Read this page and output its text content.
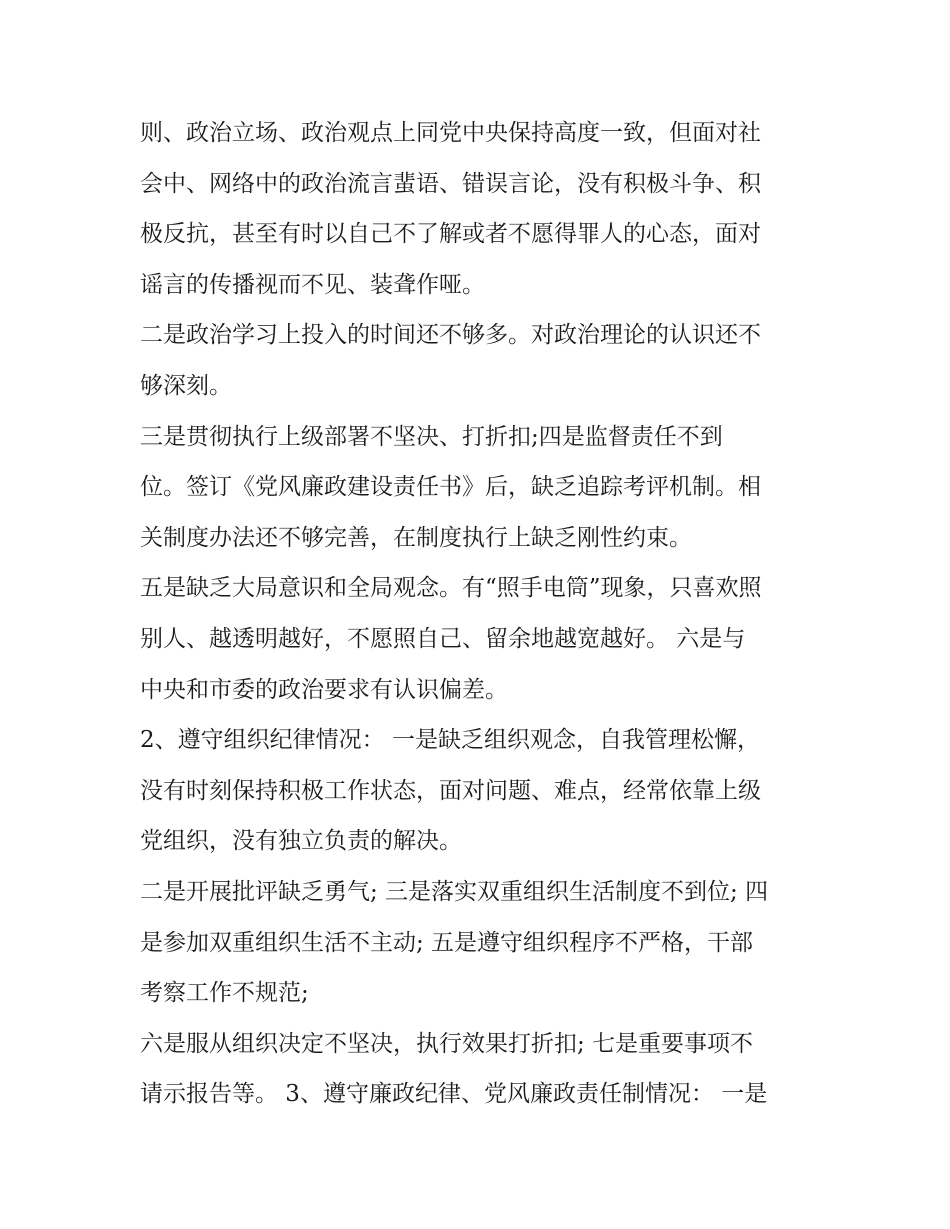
则、政治立场、政治观点上同党中央保持高度一致，但面对社
会中、网络中的政治流言蜚语、错误言论，没有积极斗争、积
极反抗，甚至有时以自己不了解或者不愿得罪人的心态，面对
谣言的传播视而不见、装聋作哑。
二是政治学习上投入的时间还不够多。对政治理论的认识还不
够深刻。
三是贯彻执行上级部署不坚决、打折扣;四是监督责任不到
位。签订《党风廉政建设责任书》后，缺乏追踪考评机制。相
关制度办法还不够完善，在制度执行上缺乏刚性约束。
五是缺乏大局意识和全局观念。有“照手电筒”现象，只喜欢照
别人、越透明越好，不愿照自己、留余地越宽越好。 六是与
中央和市委的政治要求有认识偏差。
2、遵守组织纪律情况： 一是缺乏组织观念，自我管理松懈，
没有时刻保持积极工作状态，面对问题、难点，经常依靠上级
党组织，没有独立负责的解决。
二是开展批评缺乏勇气; 三是落实双重组织生活制度不到位; 四
是参加双重组织生活不主动; 五是遵守组织程序不严格，干部
考察工作不规范;
六是服从组织决定不坚决，执行效果打折扣; 七是重要事项不
请示报告等。 3、遵守廉政纪律、党风廉政责任制情况： 一是
